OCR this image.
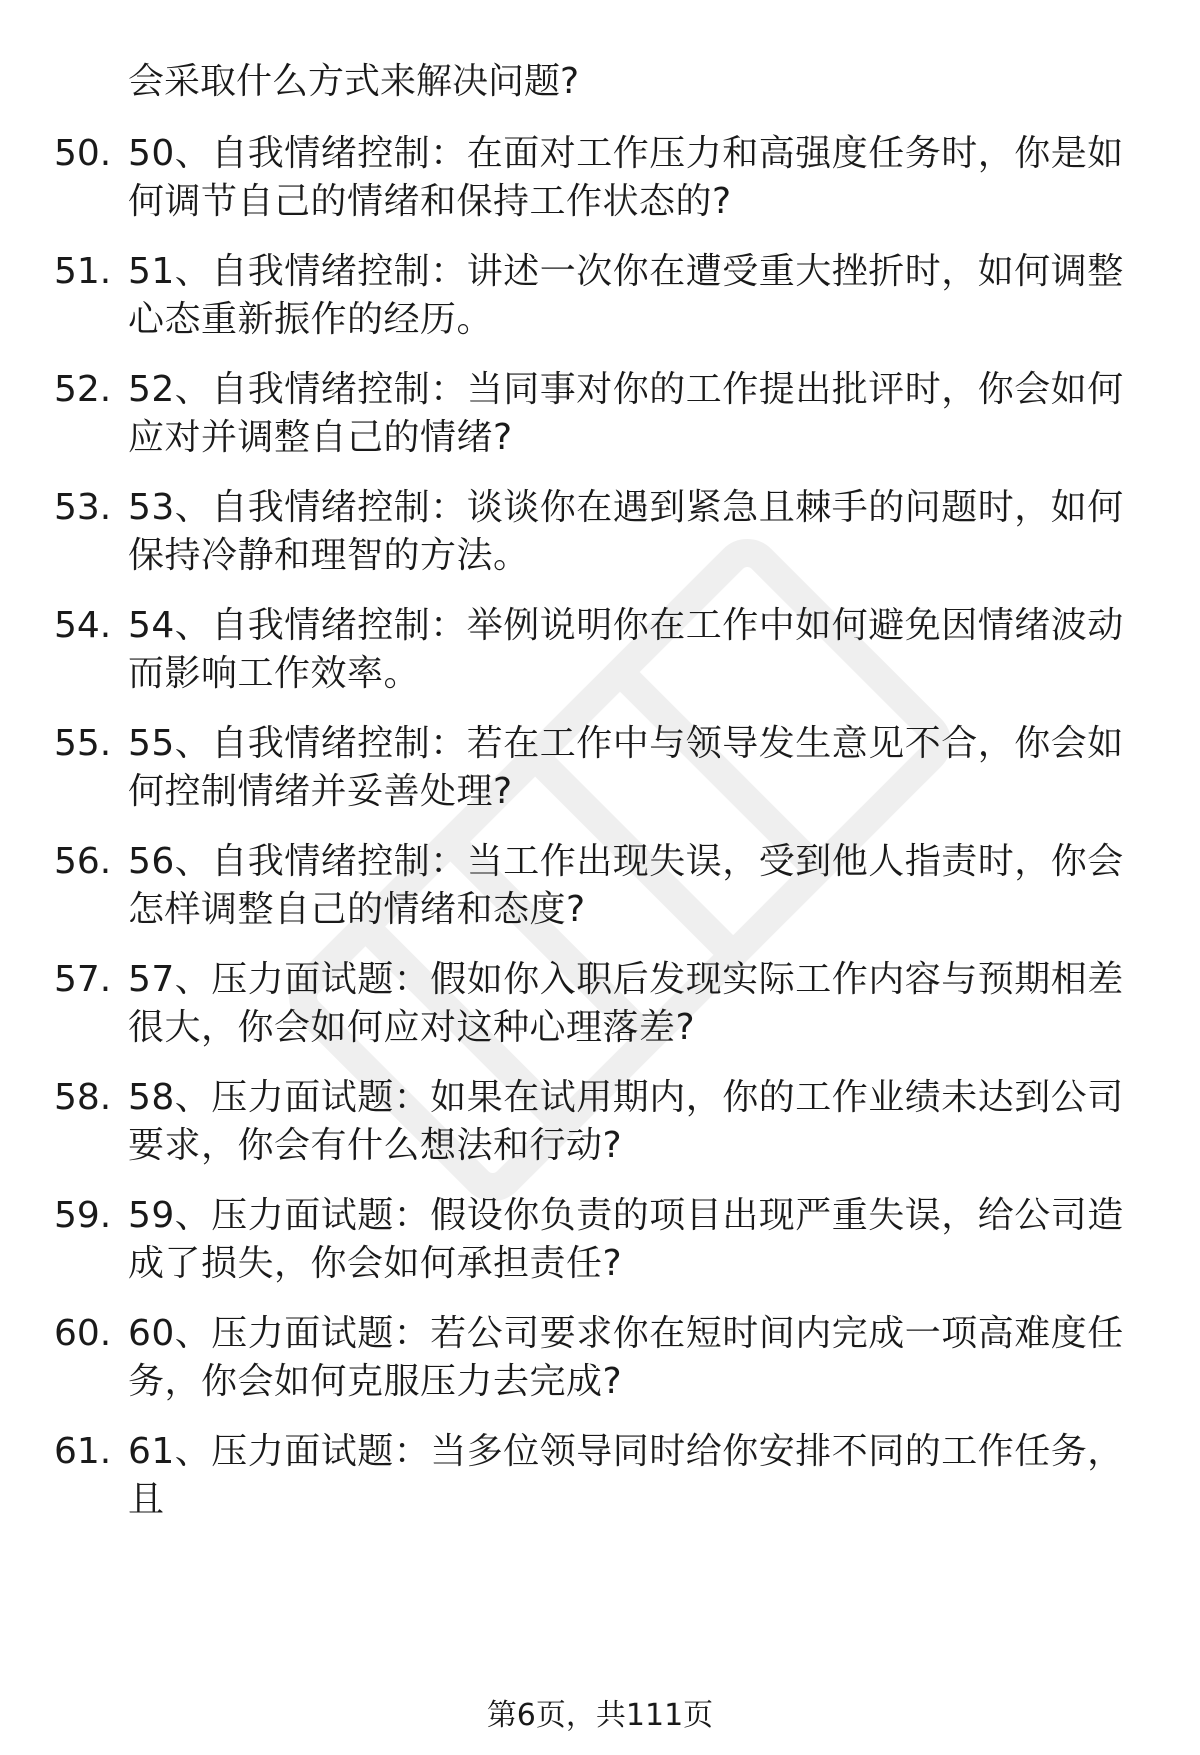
会采取什么方式来解决问题?
50. 50、自我情绪控制：在面对工作压力和高强度任务时，你是如何调节自己的情绪和保持工作状态的?
51. 51、自我情绪控制：讲述一次你在遭受重大挫折时，如何调整心态重新振作的经历。
52. 52、自我情绪控制：当同事对你的工作提出批评时，你会如何应对并调整自己的情绪?
53. 53、自我情绪控制：谈谈你在遇到紧急且棘手的问题时，如何保持冷静和理智的方法。
54. 54、自我情绪控制：举例说明你在工作中如何避免因情绪波动而影响工作效率。
55. 55、自我情绪控制：若在工作中与领导发生意见不合，你会如何控制情绪并妥善处理?
56. 56、自我情绪控制：当工作出现失误，受到他人指责时，你会怎样调整自己的情绪和态度?
57. 57、压力面试题：假如你入职后发现实际工作内容与预期相差很大，你会如何应对这种心理落差?
58. 58、压力面试题：如果在试用期内，你的工作业绩未达到公司要求，你会有什么想法和行动?
59. 59、压力面试题：假设你负责的项目出现严重失误，给公司造成了损失，你会如何承担责任?
60. 60、压力面试题：若公司要求你在短时间内完成一项高难度任务，你会如何克服压力去完成?
61. 61、压力面试题：当多位领导同时给你安排不同的工作任务，且
第6页，共111页
